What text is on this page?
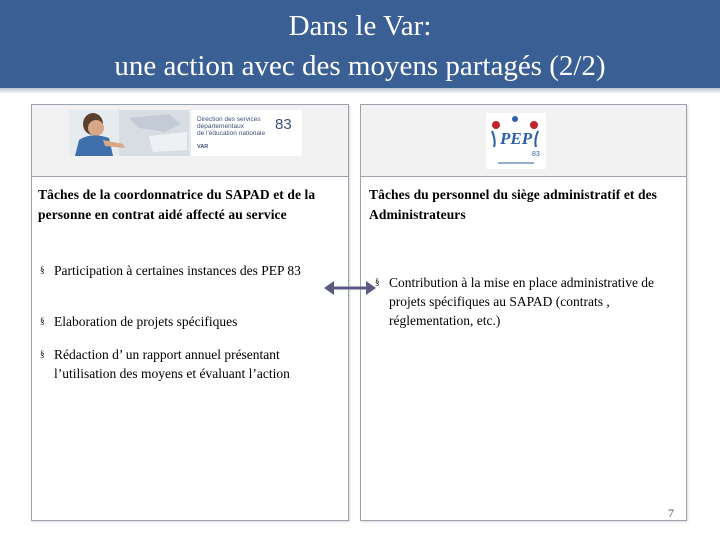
Dans le Var:
une action avec des moyens partagés (2/2)
Tâches de la coordonnatrice du SAPAD et de la personne en contrat aidé affecté au service
§ Participation à certaines instances des PEP 83
§ Elaboration de projets spécifiques
§ Rédaction d’ un rapport annuel présentant l’utilisation des moyens et évaluant l’action
Tâches du personnel du siège administratif et des Administrateurs
§ Contribution à la mise en place administrative de projets spécifiques au SAPAD (contrats , réglementation, etc.)
Direction des services
départementaux
de l'éducation nationale
83
VAR	PEP
83
7
